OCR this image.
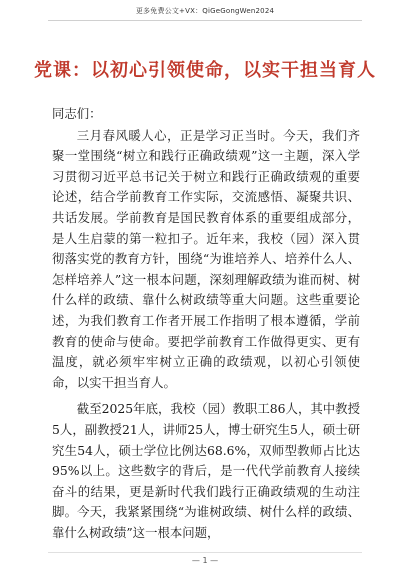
更多免费公文+VX：QiGeGongWen2024
党课：以初心引领使命，以实干担当育人

同志们：

三月春风暖人心，正是学习正当时。今天，我们齐聚一堂围绕“树立和践行正确政绩观”这一主题，深入学习贯彻习近平总书记关于树立和践行正确政绩观的重要论述，结合学前教育工作实际，交流感悟、凝聚共识、共话发展。学前教育是国民教育体系的重要组成部分，是人生启蒙的第一粒扣子。近年来，我校（园）深入贯彻落实党的教育方针，围绕“为谁培养人、培养什么人、怎样培养人”这一根本问题，深刻理解政绩为谁而树、树什么样的政绩、靠什么树政绩等重大问题。这些重要论述，为我们教育工作者开展工作指明了根本遵循，学前教育的使命与使命。要把学前教育工作做得更实、更有温度，就必须牢牢树立正确的政绩观，以初心引领使命，以实干担当育人。

截至2025年底，我校（园）教职工86人，其中教授5人，副教授21人，讲师25人，博士研究生5人，硕士研究生54人，硕士学位比例达68.6%，双师型教师占比达95%以上。这些数字的背后，是一代代学前教育人接续奋斗的结果，更是新时代我们践行正确政绩观的生动注脚。今天，我紧紧围绕“为谁树政绩、树什么样的政绩、靠什么树政绩”这一根本问题，

— 1 —
